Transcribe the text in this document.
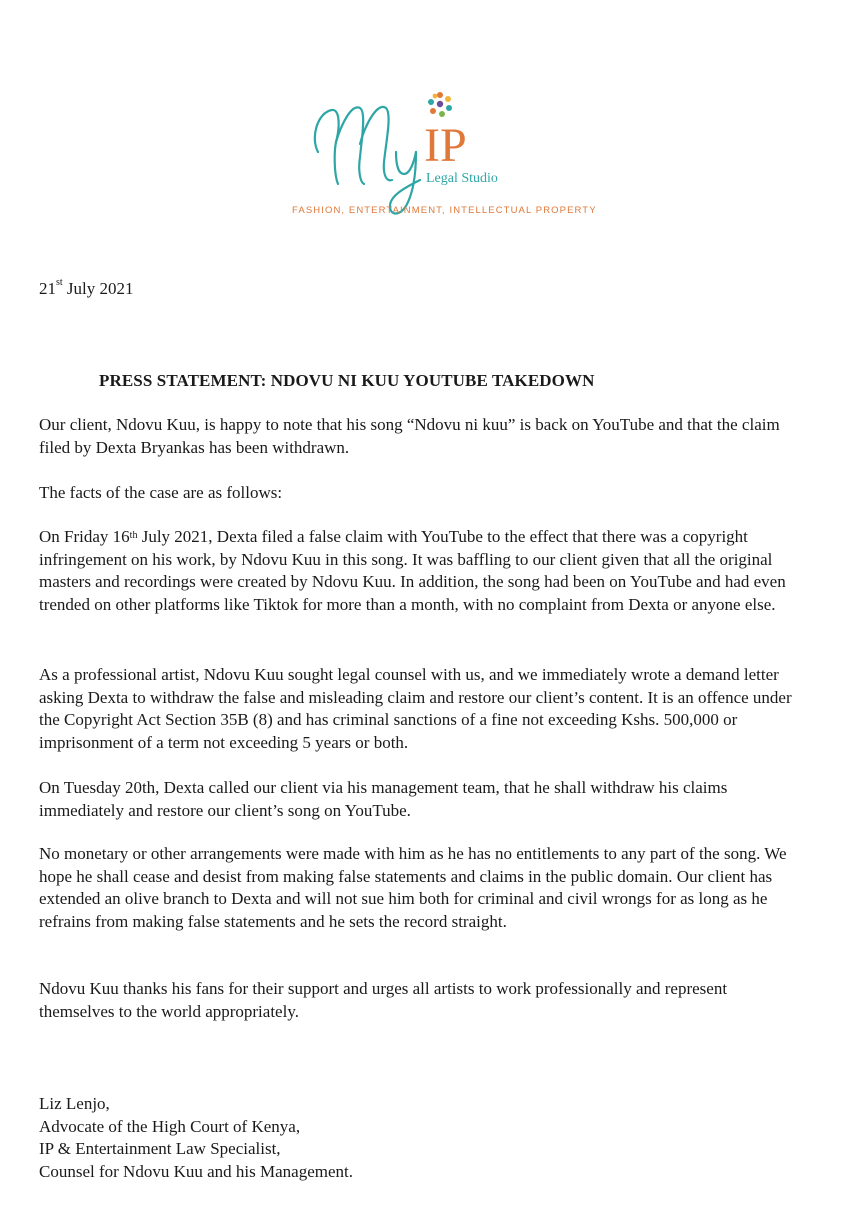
IP
Legal Studio
FASHION, ENTERTAINMENT, INTELLECTUAL PROPERTY
21st July 2021
PRESS STATEMENT: NDOVU NI KUU YOUTUBE TAKEDOWN

Our client, Ndovu Kuu, is happy to note that his song “Ndovu ni kuu” is back on YouTube and that the claim filed by Dexta Bryankas has been withdrawn.

The facts of the case are as follows:

On Friday 16th July 2021, Dexta filed a false claim with YouTube to the effect that there was a copyright infringement on his work, by Ndovu Kuu in this song. It was baffling to our client given that all the original masters and recordings were created by Ndovu Kuu. In addition, the song had been on YouTube and had even trended on other platforms like Tiktok for more than a month, with no complaint from Dexta or anyone else.

As a professional artist, Ndovu Kuu sought legal counsel with us, and we immediately wrote a demand letter asking Dexta to withdraw the false and misleading claim and restore our client’s content. It is an offence under the Copyright Act Section 35B (8) and has criminal sanctions of a fine not exceeding Kshs. 500,000 or imprisonment of a term not exceeding 5 years or both.

On Tuesday 20th, Dexta called our client via his management team, that he shall withdraw his claims immediately and restore our client’s song on YouTube.

No monetary or other arrangements were made with him as he has no entitlements to any part of the song. We hope he shall cease and desist from making false statements and claims in the public domain. Our client has extended an olive branch to Dexta and will not sue him both for criminal and civil wrongs for as long as he refrains from making false statements and he sets the record straight.

Ndovu Kuu thanks his fans for their support and urges all artists to work professionally and represent themselves to the world appropriately.

Liz Lenjo,
Advocate of the High Court of Kenya,
IP & Entertainment Law Specialist,
Counsel for Ndovu Kuu and his Management.
